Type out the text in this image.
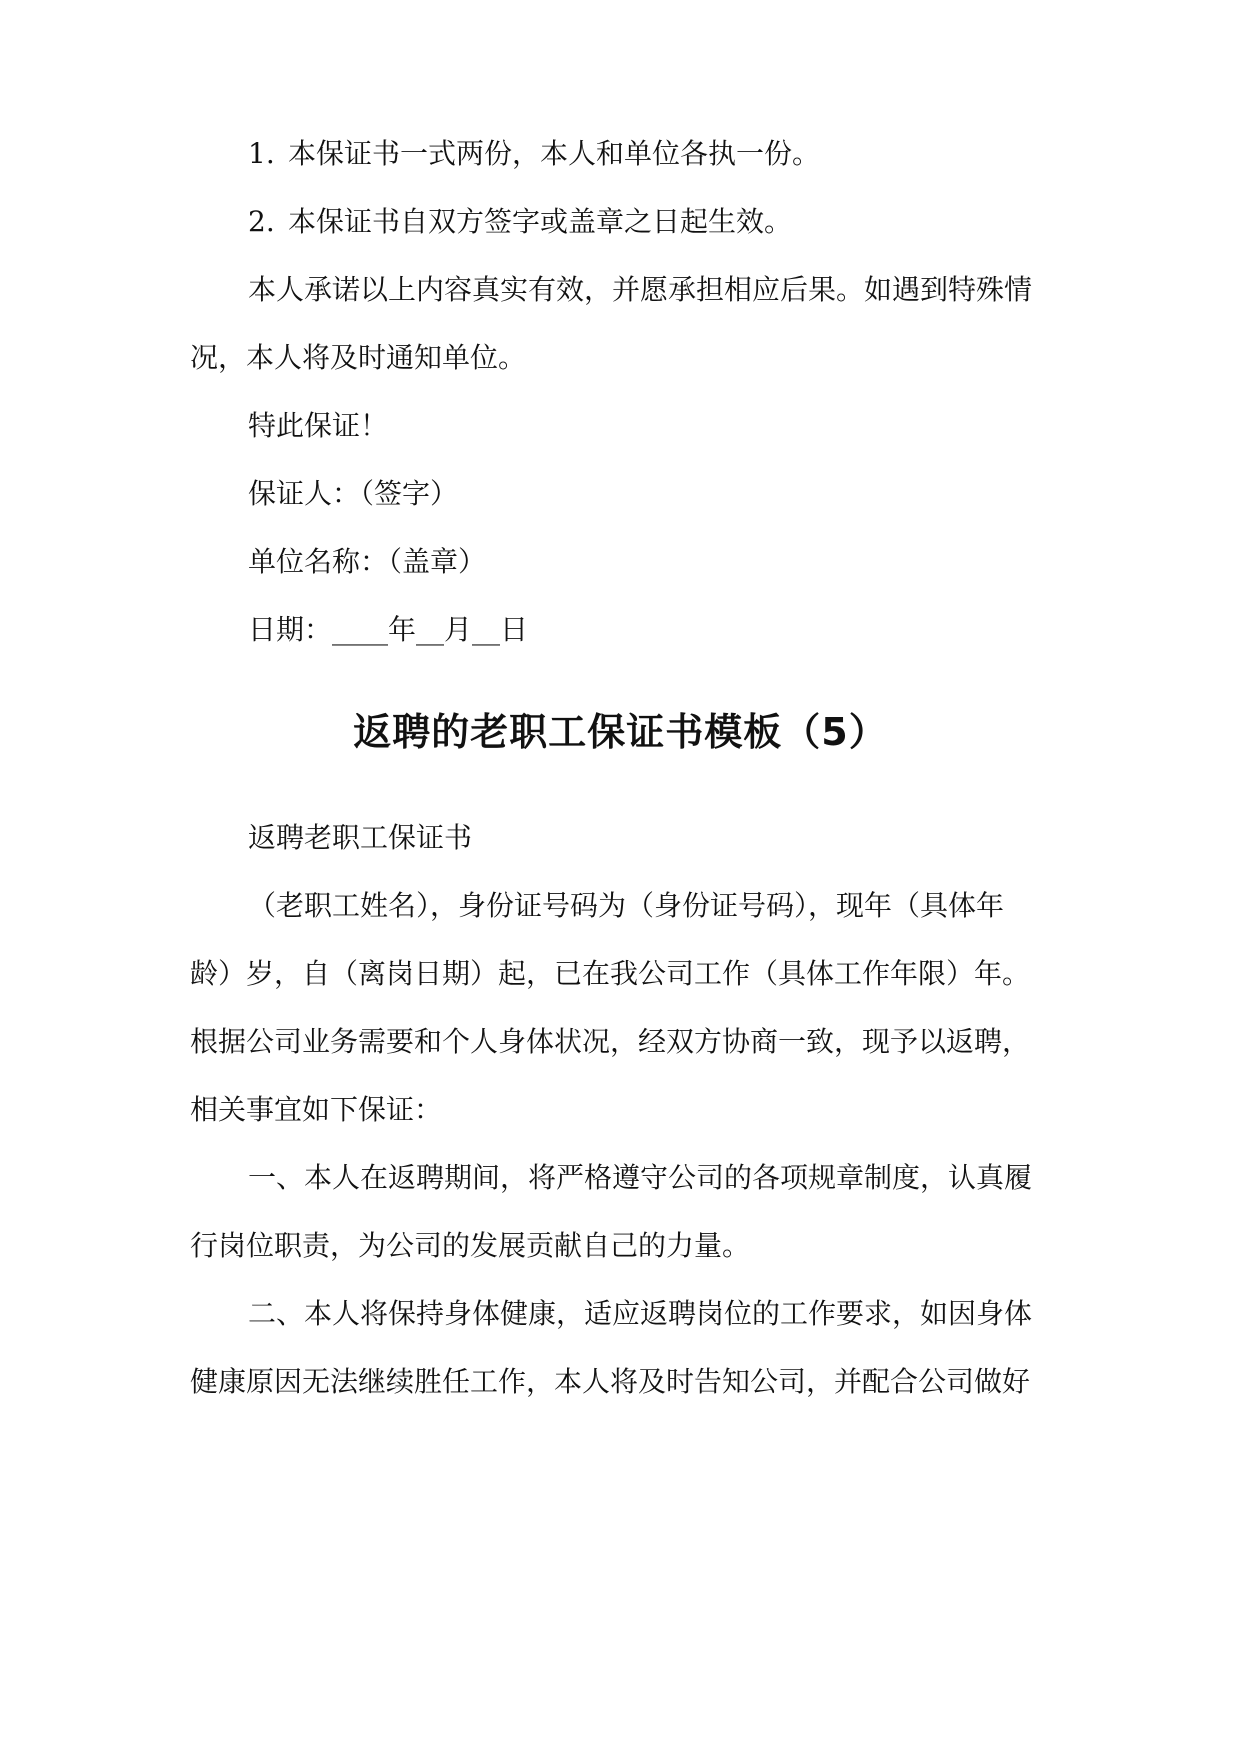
1. 本保证书一式两份，本人和单位各执一份。
2. 本保证书自双方签字或盖章之日起生效。
本人承诺以上内容真实有效，并愿承担相应后果。如遇到特殊情
况，本人将及时通知单位。
特此保证！
保证人：（签字）
单位名称：（盖章）
日期：____年__月__日
返聘的老职工保证书模板（5）
返聘老职工保证书
（老职工姓名），身份证号码为（身份证号码），现年（具体年
龄）岁，自（离岗日期）起，已在我公司工作（具体工作年限）年。
根据公司业务需要和个人身体状况，经双方协商一致，现予以返聘，
相关事宜如下保证：
一、本人在返聘期间，将严格遵守公司的各项规章制度，认真履
行岗位职责，为公司的发展贡献自己的力量。
二、本人将保持身体健康，适应返聘岗位的工作要求，如因身体
健康原因无法继续胜任工作，本人将及时告知公司，并配合公司做好
